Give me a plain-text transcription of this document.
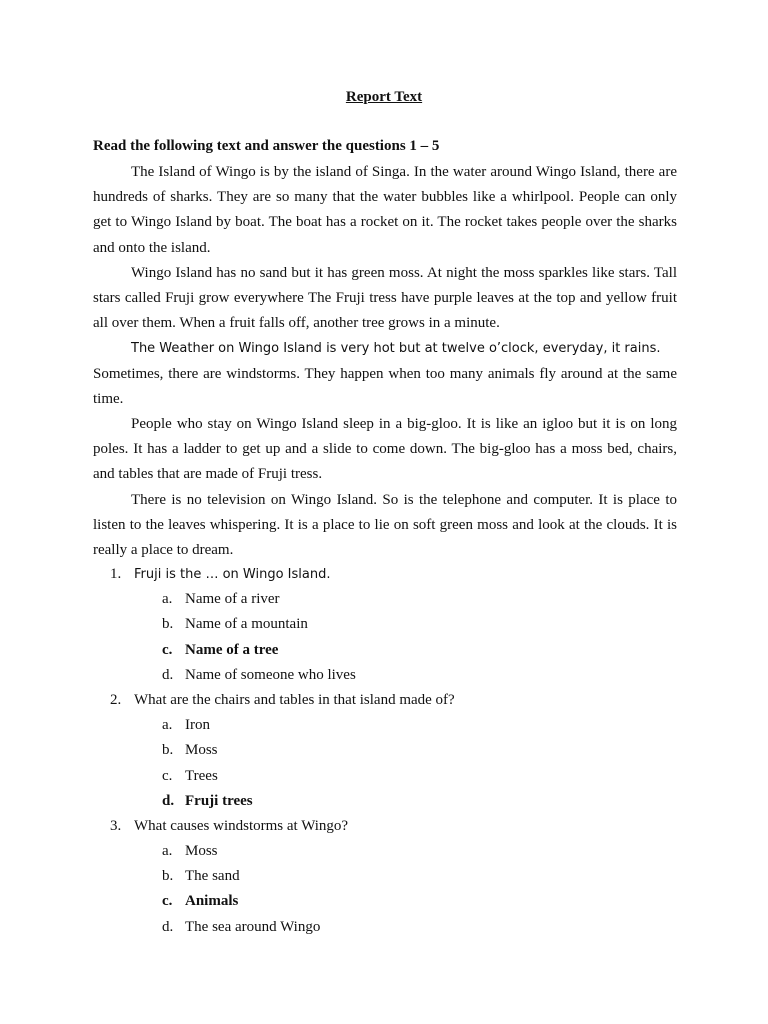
Report Text
Read the following text and answer the questions 1 – 5

The Island of Wingo is by the island of Singa. In the water around Wingo Island, there are hundreds of sharks. They are so many that the water bubbles like a whirlpool. People can only get to Wingo Island by boat. The boat has a rocket on it. The rocket takes people over the sharks and onto the island.

Wingo Island has no sand but it has green moss. At night the moss sparkles like stars. Tall stars called Fruji grow everywhere The Fruji tress have purple leaves at the top and yellow fruit all over them. When a fruit falls off, another tree grows in a minute.

The Weather on Wingo Island is very hot but at twelve o’clock, everyday, it rains.

Sometimes, there are windstorms. They happen when too many animals fly around at the same time.

People who stay on Wingo Island sleep in a big-gloo. It is like an igloo but it is on long poles. It has a ladder to get up and a slide to come down. The big-gloo has a moss bed, chairs, and tables that are made of Fruji tress.

There is no television on Wingo Island. So is the telephone and computer. It is place to listen to the leaves whispering. It is a place to lie on soft green moss and look at the clouds. It is really a place to dream.

1. Fruji is the … on Wingo Island.
a. Name of a river
b. Name of a mountain
c. Name of a tree
d. Name of someone who lives
2. What are the chairs and tables in that island made of?
a. Iron
b. Moss
c. Trees
d. Fruji trees
3. What causes windstorms at Wingo?
a. Moss
b. The sand
c. Animals
d. The sea around Wingo
